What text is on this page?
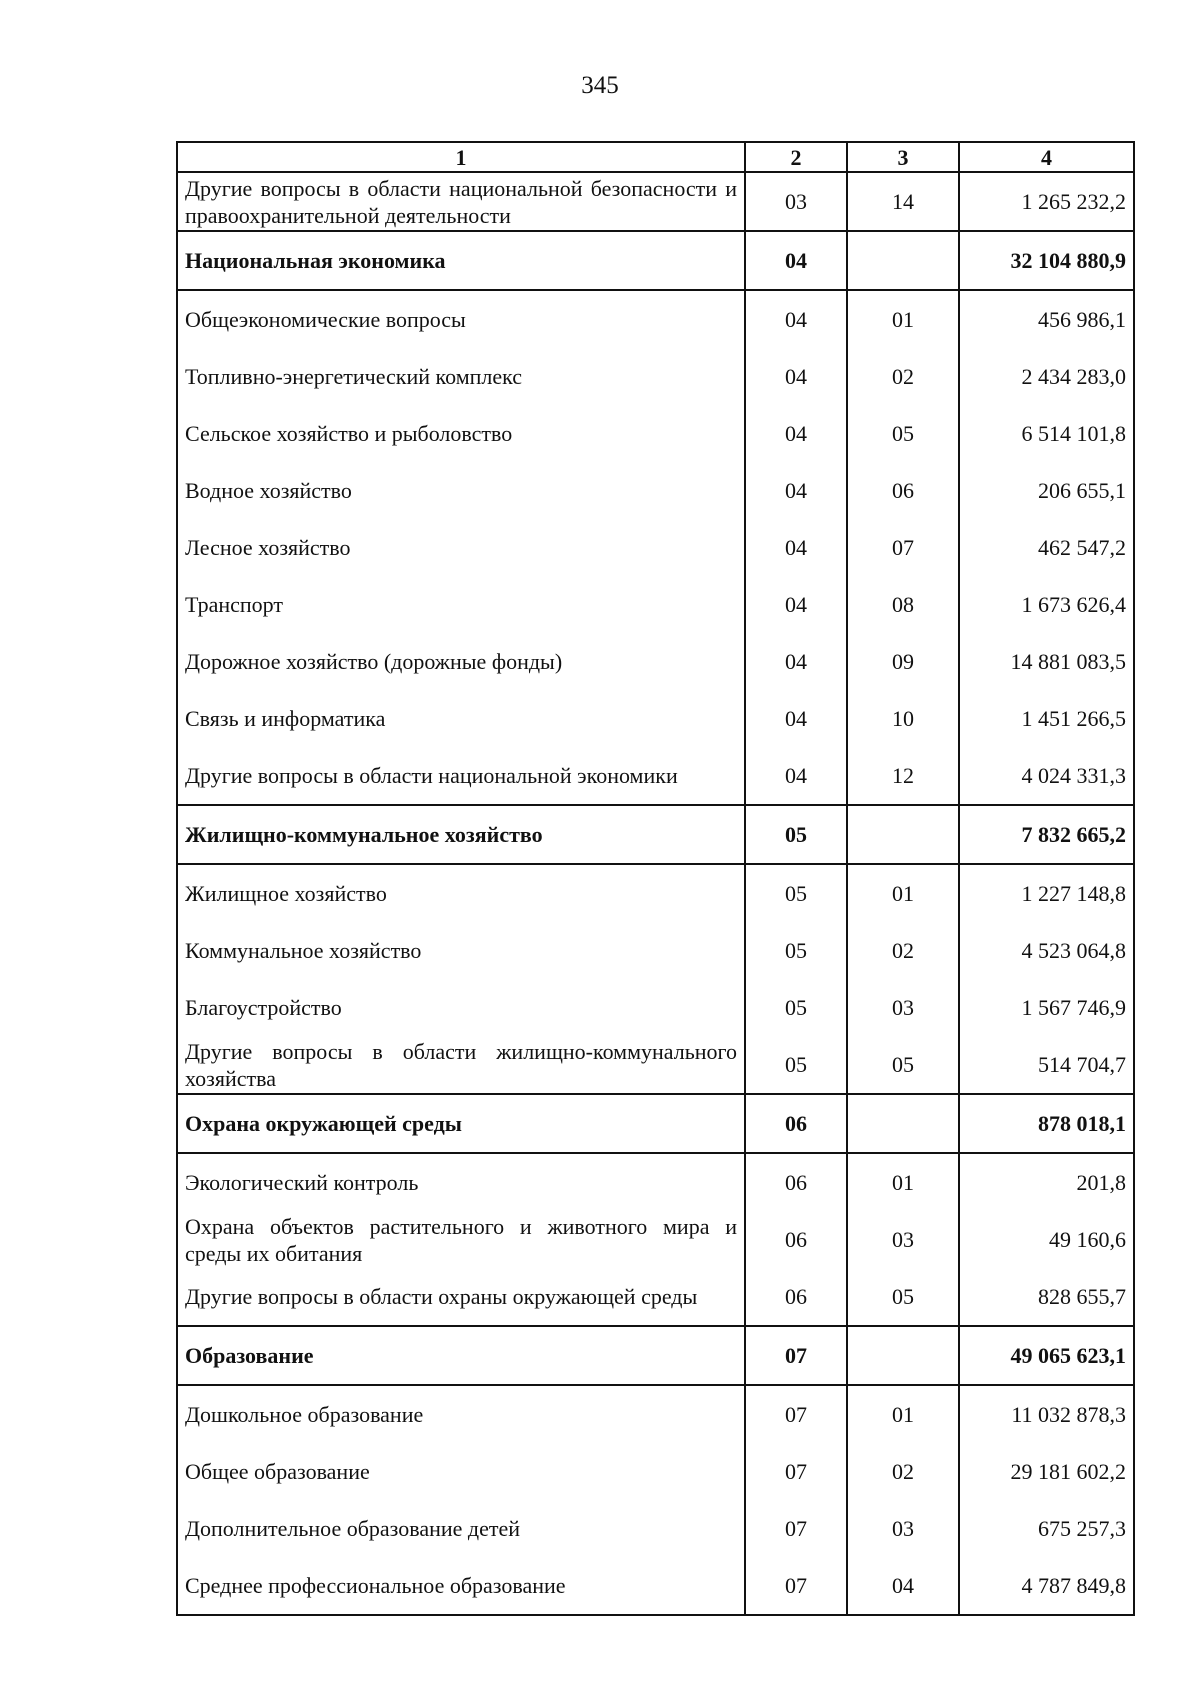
345
1	2	3	4
Другие вопросы в области национальной безопасности и правоохранительной деятельности	03	14	1 265 232,2
Национальная экономика	04		32 104 880,9
Общеэкономические вопросы	04	01	456 986,1
Топливно-энергетический комплекс	04	02	2 434 283,0
Сельское хозяйство и рыболовство	04	05	6 514 101,8
Водное хозяйство	04	06	206 655,1
Лесное хозяйство	04	07	462 547,2
Транспорт	04	08	1 673 626,4
Дорожное хозяйство (дорожные фонды)	04	09	14 881 083,5
Связь и информатика	04	10	1 451 266,5
Другие вопросы в области национальной экономики	04	12	4 024 331,3
Жилищно-коммунальное хозяйство	05		7 832 665,2
Жилищное хозяйство	05	01	1 227 148,8
Коммунальное хозяйство	05	02	4 523 064,8
Благоустройство	05	03	1 567 746,9
Другие вопросы в области жилищно-коммунального хозяйства	05	05	514 704,7
Охрана окружающей среды	06		878 018,1
Экологический контроль	06	01	201,8
Охрана объектов растительного и животного мира и среды их обитания	06	03	49 160,6
Другие вопросы в области охраны окружающей среды	06	05	828 655,7
Образование	07		49 065 623,1
Дошкольное образование	07	01	11 032 878,3
Общее образование	07	02	29 181 602,2
Дополнительное образование детей	07	03	675 257,3
Среднее профессиональное образование	07	04	4 787 849,8
